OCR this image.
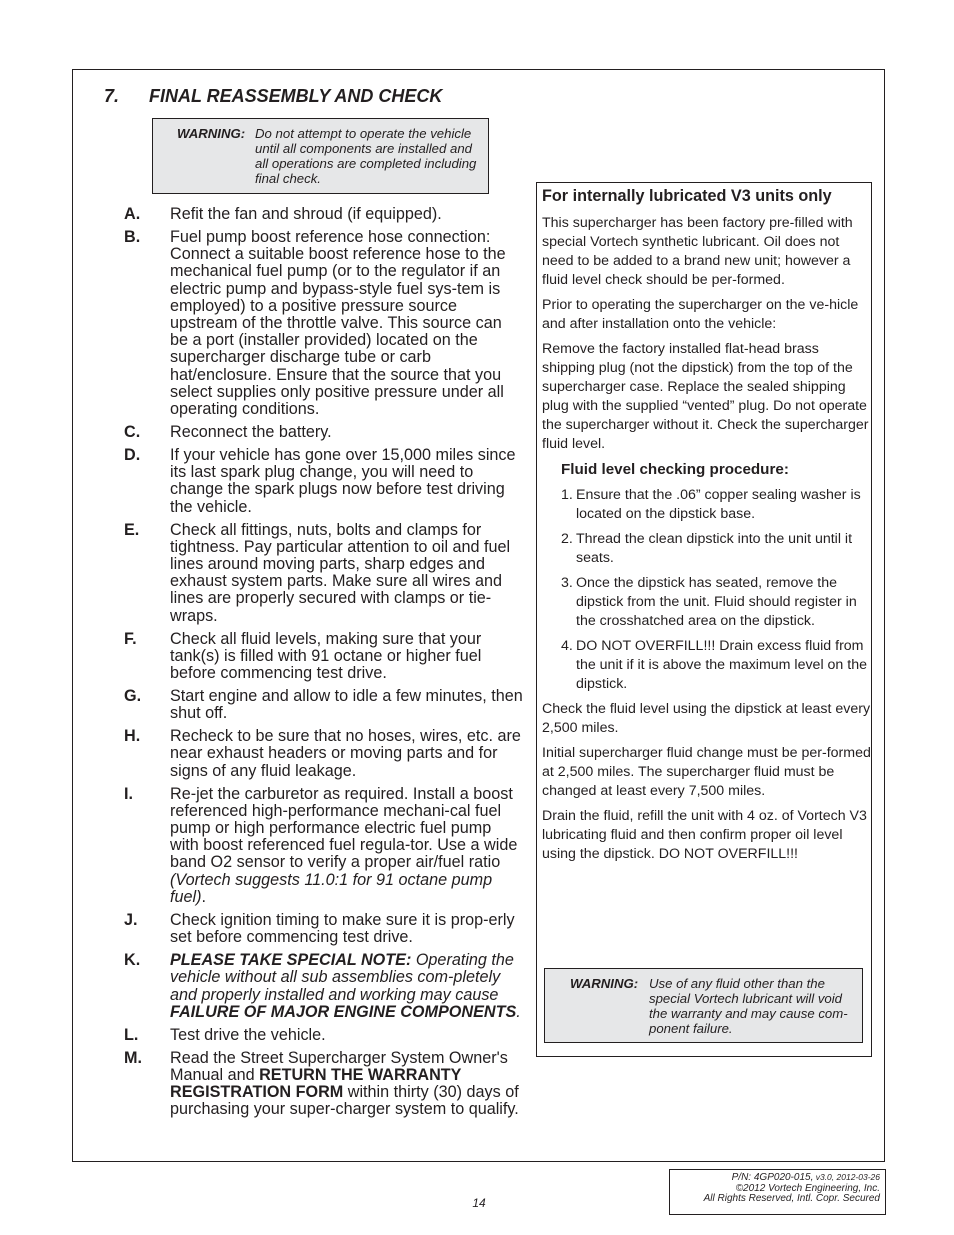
7. FINAL REASSEMBLY AND CHECK
WARNING: Do not attempt to operate the vehicle until all components are installed and all operations are completed including final check.
A.	Refit the fan and shroud (if equipped).
B.	Fuel pump boost reference hose connection: Connect a suitable boost reference hose to the mechanical fuel pump (or to the regulator if an electric pump and bypass-style fuel sys-tem is employed) to a positive pressure source upstream of the throttle valve. This source can be a port (installer provided) located on the supercharger discharge tube or carb hat/enclosure. Ensure that the source that you select supplies only positive pressure under all operating conditions.
C.	Reconnect the battery.
D.	If your vehicle has gone over 15,000 miles since its last spark plug change, you will need to change the spark plugs now before test driving the vehicle.
E.	Check all fittings, nuts, bolts and clamps for tightness. Pay particular attention to oil and fuel lines around moving parts, sharp edges and exhaust system parts. Make sure all wires and lines are properly secured with clamps or tie-wraps.
F.	Check all fluid levels, making sure that your tank(s) is filled with 91 octane or higher fuel before commencing test drive.
G.	Start engine and allow to idle a few minutes, then shut off.
H.	Recheck to be sure that no hoses, wires, etc. are near exhaust headers or moving parts and for signs of any fluid leakage.
I.	Re-jet the carburetor as required. Install a boost referenced high-performance mechani-cal fuel pump or high performance electric fuel pump with boost referenced fuel regula-tor. Use a wide band O2 sensor to verify a proper air/fuel ratio (Vortech suggests 11.0:1 for 91 octane pump fuel).
J.	Check ignition timing to make sure it is prop-erly set before commencing test drive.
K.	PLEASE TAKE SPECIAL NOTE: Operating the vehicle without all sub assemblies com-pletely and properly installed and working may cause FAILURE OF MAJOR ENGINE COMPONENTS.
L.	Test drive the vehicle.
M.	Read the Street Supercharger System Owner's Manual and RETURN THE WARRANTY REGISTRATION FORM within thirty (30) days of purchasing your super-charger system to qualify.
For internally lubricated V3 units only

This supercharger has been factory pre-filled with special Vortech synthetic lubricant. Oil does not need to be added to a brand new unit; however a fluid level check should be per-formed.

Prior to operating the supercharger on the ve-hicle and after installation onto the vehicle:

Remove the factory installed flat-head brass shipping plug (not the dipstick) from the top of the supercharger case. Replace the sealed shipping plug with the supplied “vented” plug. Do not operate the supercharger without it. Check the supercharger fluid level.

Fluid level checking procedure:
1. Ensure that the .06” copper sealing washer is located on the dipstick base.
2. Thread the clean dipstick into the unit until it seats.
3. Once the dipstick has seated, remove the dipstick from the unit. Fluid should register in the crosshatched area on the dipstick.
4. DO NOT OVERFILL!!! Drain excess fluid from the unit if it is above the maximum level on the dipstick.

Check the fluid level using the dipstick at least every 2,500 miles.

Initial supercharger fluid change must be per-formed at 2,500 miles. The supercharger fluid must be changed at least every 7,500 miles.

Drain the fluid, refill the unit with 4 oz. of Vortech V3 lubricating fluid and then confirm proper oil level using the dipstick. DO NOT OVERFILL!!!

WARNING: Use of any fluid other than the special Vortech lubricant will void the warranty and may cause com-ponent failure.
14
P/N: 4GP020-015, v3.0, 2012-03-26
©2012 Vortech Engineering, Inc.
All Rights Reserved, Intl. Copr. Secured
